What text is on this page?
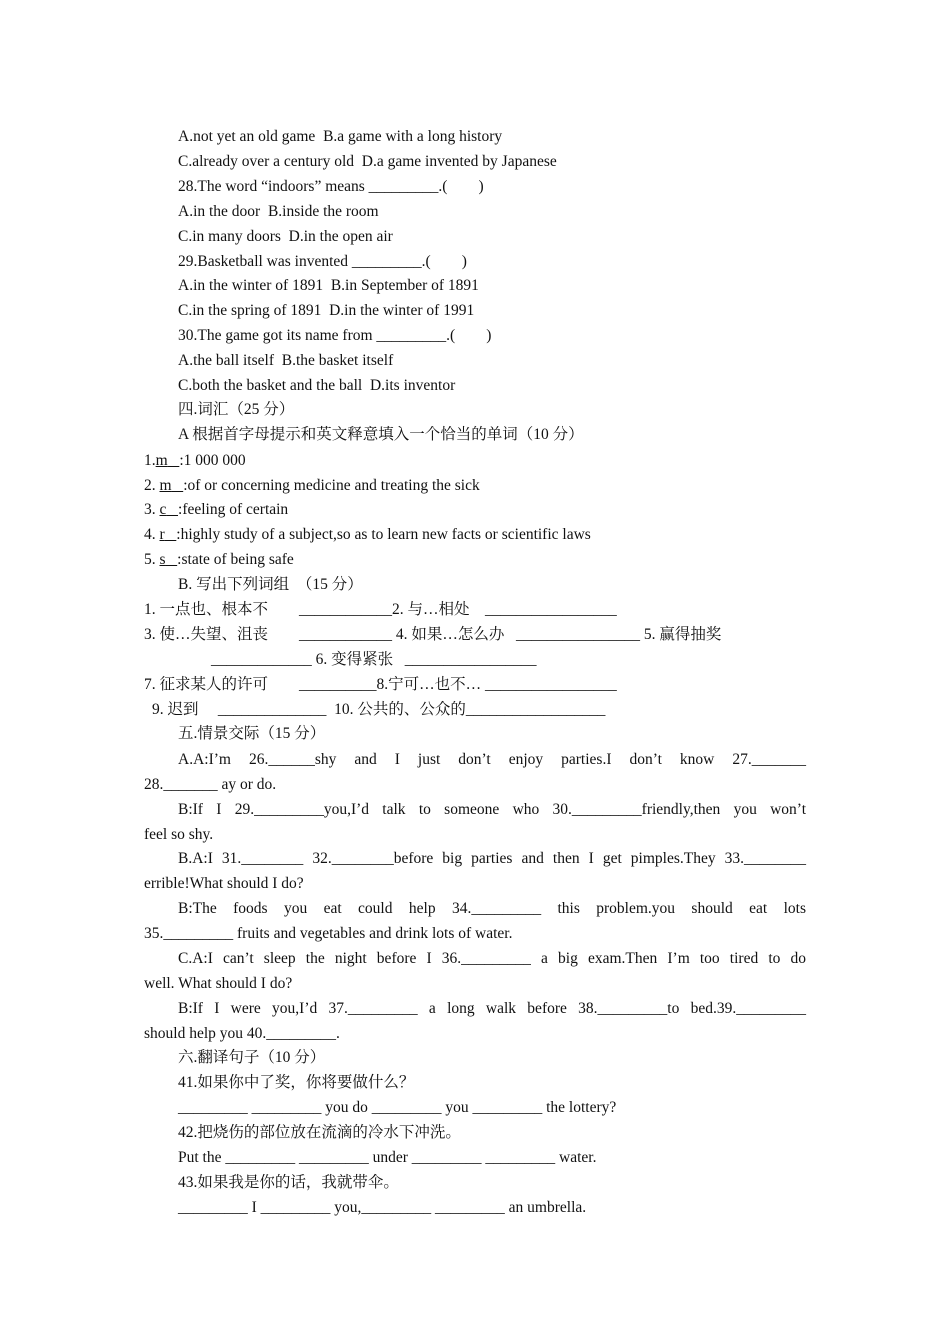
A.not yet an old game  B.a game with a long history
C.already over a century old  D.a game invented by Japanese
28.The word “indoors” means _________.(        )
A.in the door  B.inside the room
C.in many doors  D.in the open air
29.Basketball was invented _________.(        )
A.in the winter of 1891  B.in September of 1891
C.in the spring of 1891  D.in the winter of 1991
30.The game got its name from _________.(        )
A.the ball itself  B.the basket itself
C.both the basket and the ball  D.its inventor
四.词汇（25 分）
A 根据首字母提示和英文释意填入一个恰当的单词（10 分）
1.m :1 000 000
2. m :of or concerning medicine and treating the sick
3. c :feeling of certain
4. r :highly study of a subject,so as to learn new facts or scientific laws
5. s :state of being safe
B. 写出下列词组  （15 分）
1. 一点也、根本不        ____________2. 与…相处    _________________
3. 使…失望、沮丧        ____________ 4. 如果…怎么办   ________________ 5. 赢得抽奖
_____________ 6. 变得紧张   _________________
7. 征求某人的许可        __________8.宁可…也不… _________________
9. 迟到     ______________  10. 公共的、公众的__________________
五.情景交际（15 分）
A.A:I’m 26.______shy and I just don’t enjoy parties.I don’t know 27._______
28._______ ay or do.
B:If I 29._________you,I’d talk to someone who 30._________friendly,then you won’t
feel so shy.
B.A:I 31.________ 32.________before big parties and then I get pimples.They 33.________
errible!What should I do?
B:The foods you eat could help 34._________ this problem.you should eat lots
35._________ fruits and vegetables and drink lots of water.
C.A:I can’t sleep the night before I 36._________ a big exam.Then I’m too tired to do
well. What should I do?
B:If I were you,I’d 37._________ a long walk before 38._________to bed.39._________
should help you 40._________.
六.翻译句子（10 分）
41.如果你中了奖，你将要做什么？
_________ _________ you do _________ you _________ the lottery?
42.把烧伤的部位放在流滴的冷水下冲洗。
Put the _________ _________ under _________ _________ water.
43.如果我是你的话，我就带伞。
_________ I _________ you,_________ _________ an umbrella.
